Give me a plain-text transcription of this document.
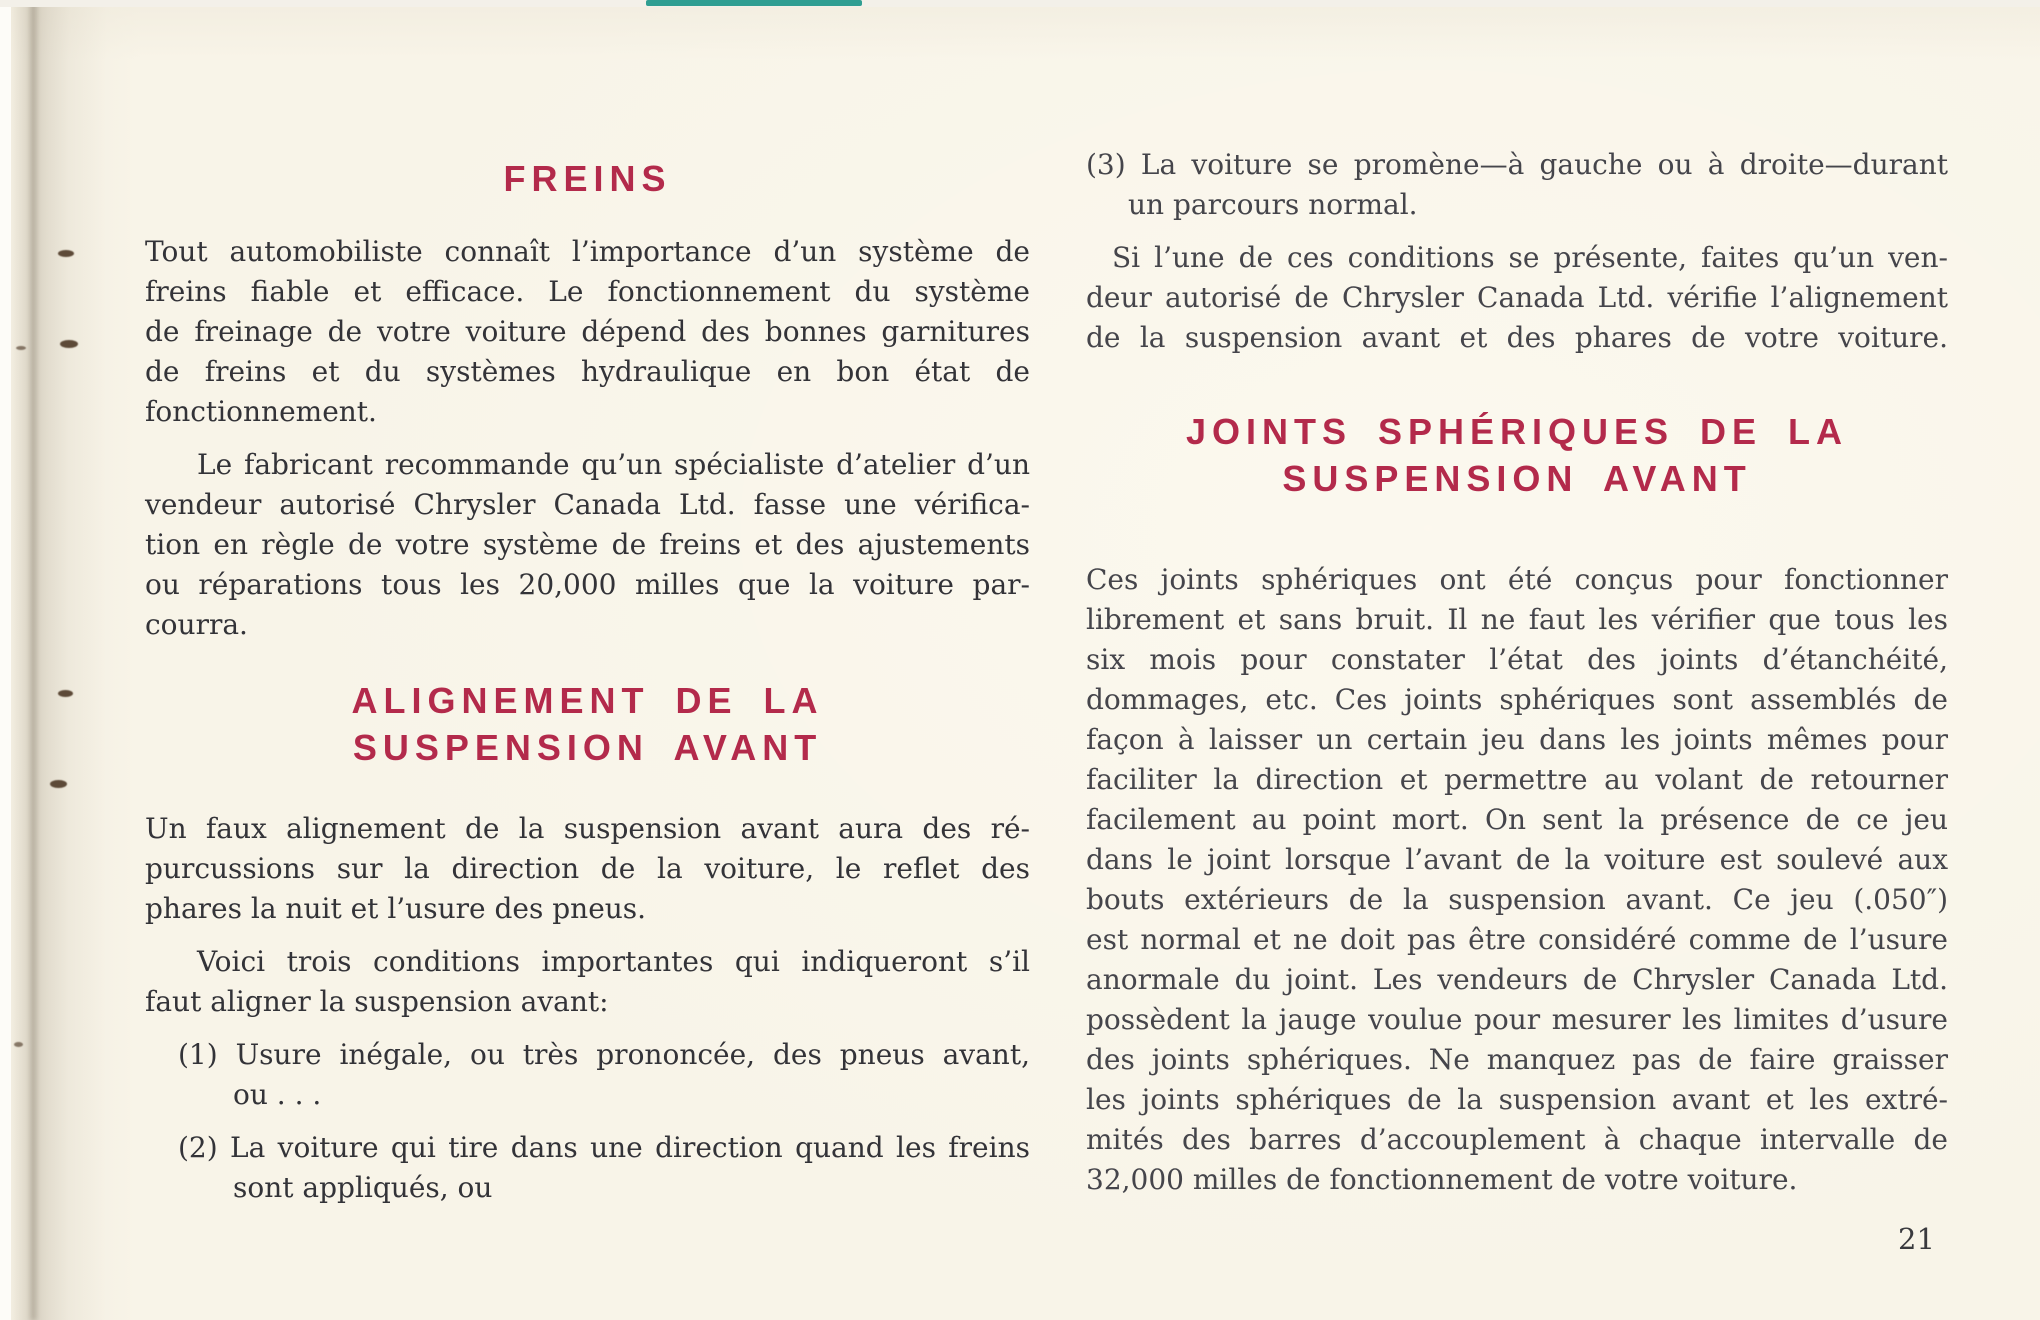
FREINS
Tout automobiliste connaît l’importance d’un système de
freins fiable et efficace. Le fonctionnement du système
de freinage de votre voiture dépend des bonnes garnitures
de freins et du systèmes hydraulique en bon état de
fonctionnement.
Le fabricant recommande qu’un spécialiste d’atelier d’un
vendeur autorisé Chrysler Canada Ltd. fasse une vérifica-
tion en règle de votre système de freins et des ajustements
ou réparations tous les 20,000 milles que la voiture par-
courra.
ALIGNEMENT DE LA
SUSPENSION AVANT
Un faux alignement de la suspension avant aura des ré-
purcussions sur la direction de la voiture, le reflet des
phares la nuit et l’usure des pneus.
Voici trois conditions importantes qui indiqueront s’il
faut aligner la suspension avant:
(1) Usure inégale, ou très prononcée, des pneus avant,
ou . . .
(2) La voiture qui tire dans une direction quand les freins
sont appliqués, ou
(3) La voiture se promène—à gauche ou à droite—durant
un parcours normal.
Si l’une de ces conditions se présente, faites qu’un ven-
deur autorisé de Chrysler Canada Ltd. vérifie l’alignement
de la suspension avant et des phares de votre voiture.
JOINTS SPHÉRIQUES DE LA
SUSPENSION AVANT
Ces joints sphériques ont été conçus pour fonctionner
librement et sans bruit. Il ne faut les vérifier que tous les
six mois pour constater l’état des joints d’étanchéité,
dommages, etc. Ces joints sphériques sont assemblés de
façon à laisser un certain jeu dans les joints mêmes pour
faciliter la direction et permettre au volant de retourner
facilement au point mort. On sent la présence de ce jeu
dans le joint lorsque l’avant de la voiture est soulevé aux
bouts extérieurs de la suspension avant. Ce jeu (.050″)
est normal et ne doit pas être considéré comme de l’usure
anormale du joint. Les vendeurs de Chrysler Canada Ltd.
possèdent la jauge voulue pour mesurer les limites d’usure
des joints sphériques. Ne manquez pas de faire graisser
les joints sphériques de la suspension avant et les extré-
mités des barres d’accouplement à chaque intervalle de
32,000 milles de fonctionnement de votre voiture.
21
